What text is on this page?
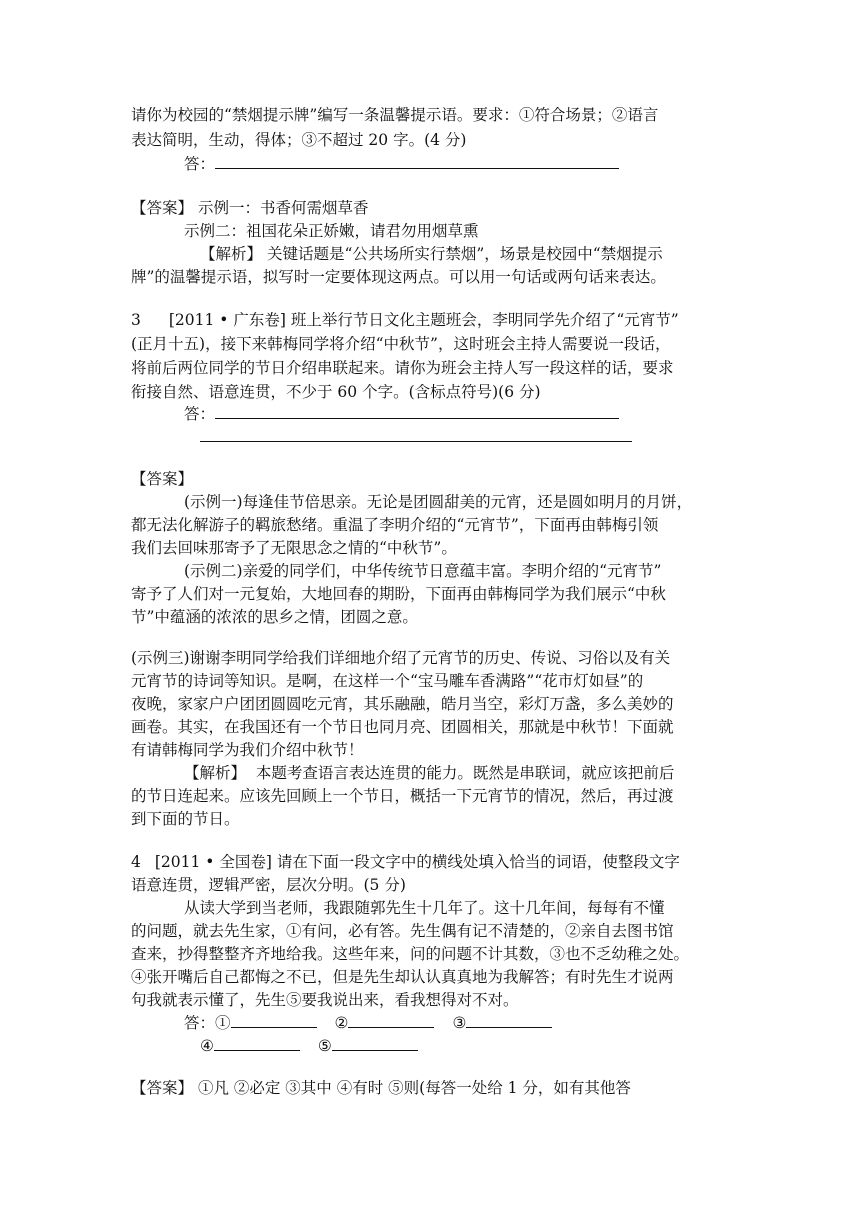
请你为校园的“禁烟提示牌”编写一条温馨提示语。要求：①符合场景；②语言
表达简明，生动，得体；③不超过 20 字。(4 分)
答：
【答案】 示例一：书香何需烟草香
示例二：祖国花朵正娇嫩，请君勿用烟草熏
【解析】 关键话题是“公共场所实行禁烟”，场景是校园中“禁烟提示
牌”的温馨提示语，拟写时一定要体现这两点。可以用一句话或两句话来表达。
3 [2011 • 广东卷] 班上举行节日文化主题班会，李明同学先介绍了“元宵节”
(正月十五)，接下来韩梅同学将介绍“中秋节”，这时班会主持人需要说一段话，
将前后两位同学的节日介绍串联起来。请你为班会主持人写一段这样的话，要求
衔接自然、语意连贯，不少于 60 个字。(含标点符号)(6 分)
答：
【答案】
(示例一)每逢佳节倍思亲。无论是团圆甜美的元宵，还是圆如明月的月饼，
都无法化解游子的羁旅愁绪。重温了李明介绍的“元宵节”，下面再由韩梅引领
我们去回味那寄予了无限思念之情的“中秋节”。
(示例二)亲爱的同学们，中华传统节日意蕴丰富。李明介绍的“元宵节”
寄予了人们对一元复始，大地回春的期盼，下面再由韩梅同学为我们展示“中秋
节”中蕴涵的浓浓的思乡之情，团圆之意。
(示例三)谢谢李明同学给我们详细地介绍了元宵节的历史、传说、习俗以及有关
元宵节的诗词等知识。是啊，在这样一个“宝马雕车香满路”“花市灯如昼”的
夜晚，家家户户团团圆圆吃元宵，其乐融融，皓月当空，彩灯万盏，多么美妙的
画卷。其实，在我国还有一个节日也同月亮、团圆相关，那就是中秋节！下面就
有请韩梅同学为我们介绍中秋节！
【解析】 本题考查语言表达连贯的能力。既然是串联词，就应该把前后
的节日连起来。应该先回顾上一个节日，概括一下元宵节的情况，然后，再过渡
到下面的节日。
4 [2011 • 全国卷] 请在下面一段文字中的横线处填入恰当的词语，使整段文字
语意连贯，逻辑严密，层次分明。(5 分)
从读大学到当老师，我跟随郭先生十几年了。这十几年间，每每有不懂
的问题，就去先生家，①有问，必有答。先生偶有记不清楚的，②亲自去图书馆
查来，抄得整整齐齐地给我。这些年来，问的问题不计其数，③也不乏幼稚之处。
④张开嘴后自己都悔之不已，但是先生却认认真真地为我解答；有时先生才说两
句我就表示懂了，先生⑤要我说出来，看我想得对不对。
答：①	②	③
④	⑤
【答案】 ①凡 ②必定 ③其中 ④有时 ⑤则(每答一处给 1 分，如有其他答
